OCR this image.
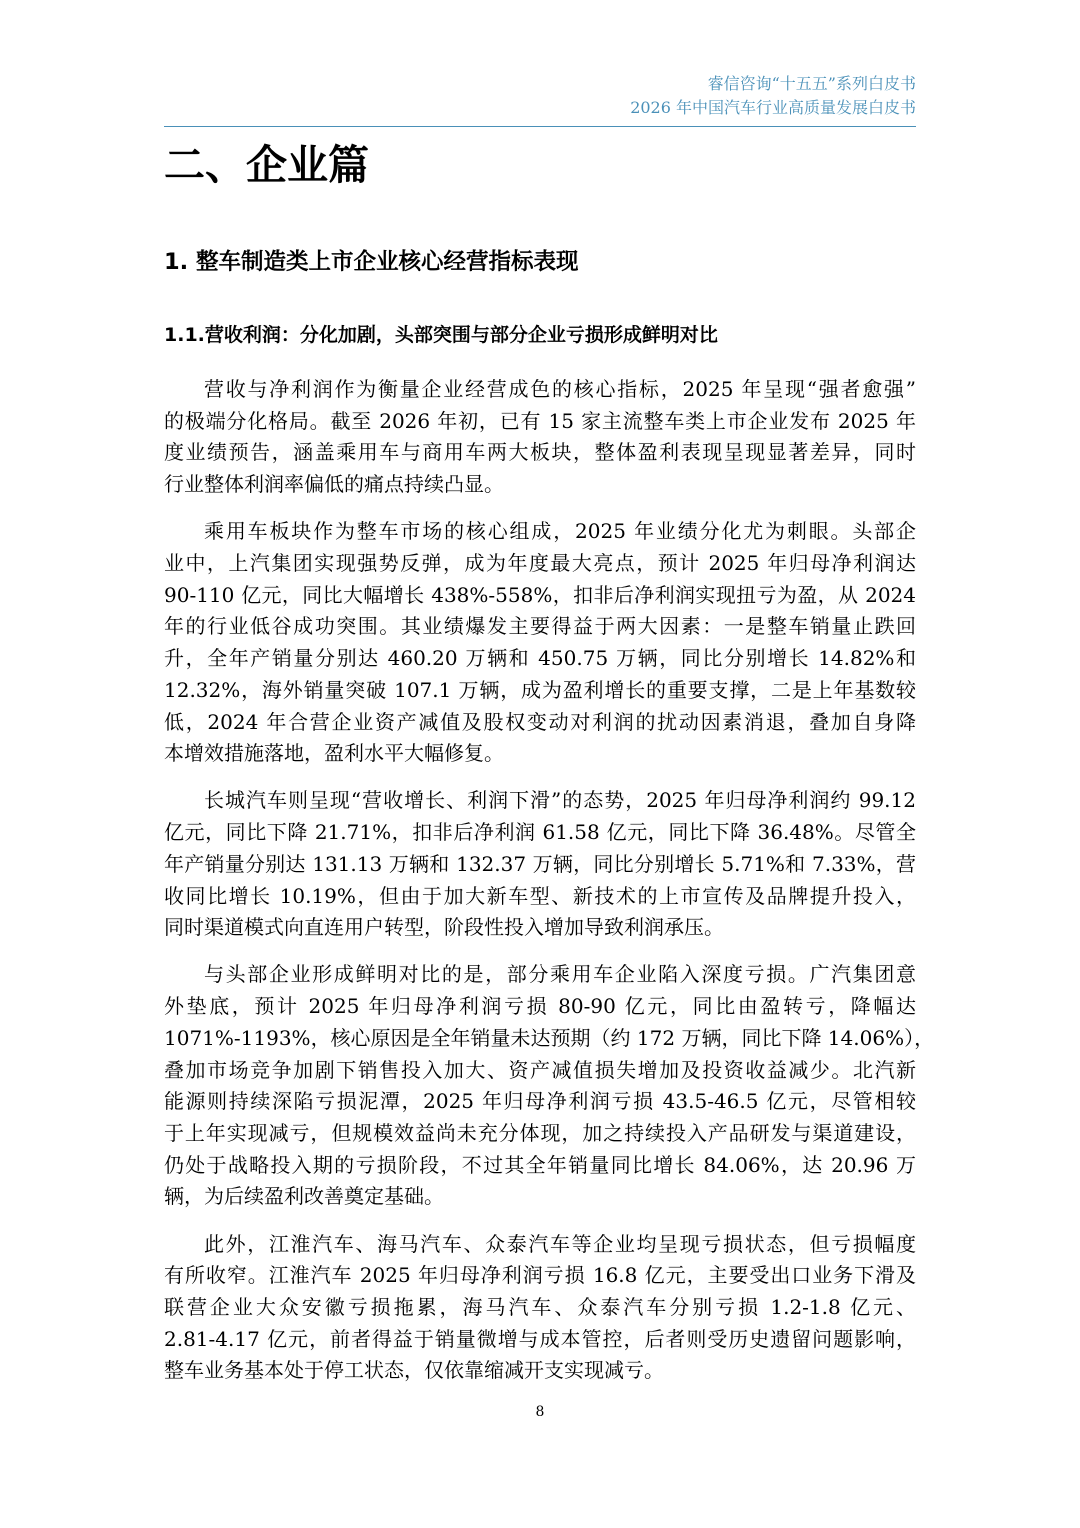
睿信咨询“十五五”系列白皮书
2026 年中国汽车行业高质量发展白皮书
二、企业篇
1. 整车制造类上市企业核心经营指标表现
1.1.营收利润：分化加剧，头部突围与部分企业亏损形成鲜明对比

营收与净利润作为衡量企业经营成色的核心指标，2025 年呈现“强者愈强”
的极端分化格局。截至 2026 年初，已有 15 家主流整车类上市企业发布 2025 年
度业绩预告，涵盖乘用车与商用车两大板块，整体盈利表现呈现显著差异，同时
行业整体利润率偏低的痛点持续凸显。

乘用车板块作为整车市场的核心组成，2025 年业绩分化尤为刺眼。头部企
业中，上汽集团实现强势反弹，成为年度最大亮点，预计 2025 年归母净利润达
90-110 亿元，同比大幅增长 438%-558%，扣非后净利润实现扭亏为盈，从 2024
年的行业低谷成功突围。其业绩爆发主要得益于两大因素：一是整车销量止跌回
升，全年产销量分别达 460.20 万辆和 450.75 万辆，同比分别增长 14.82%和
12.32%，海外销量突破 107.1 万辆，成为盈利增长的重要支撑，二是上年基数较
低，2024 年合营企业资产减值及股权变动对利润的扰动因素消退，叠加自身降
本增效措施落地，盈利水平大幅修复。

长城汽车则呈现“营收增长、利润下滑”的态势，2025 年归母净利润约 99.12
亿元，同比下降 21.71%，扣非后净利润 61.58 亿元，同比下降 36.48%。尽管全
年产销量分别达 131.13 万辆和 132.37 万辆，同比分别增长 5.71%和 7.33%，营
收同比增长 10.19%，但由于加大新车型、新技术的上市宣传及品牌提升投入，
同时渠道模式向直连用户转型，阶段性投入增加导致利润承压。

与头部企业形成鲜明对比的是，部分乘用车企业陷入深度亏损。广汽集团意
外垫底，预计 2025 年归母净利润亏损 80-90 亿元，同比由盈转亏，降幅达
1071%-1193%，核心原因是全年销量未达预期（约 172 万辆，同比下降 14.06%），
叠加市场竞争加剧下销售投入加大、资产减值损失增加及投资收益减少。北汽新
能源则持续深陷亏损泥潭，2025 年归母净利润亏损 43.5-46.5 亿元，尽管相较
于上年实现减亏，但规模效益尚未充分体现，加之持续投入产品研发与渠道建设，
仍处于战略投入期的亏损阶段，不过其全年销量同比增长 84.06%，达 20.96 万
辆，为后续盈利改善奠定基础。

此外，江淮汽车、海马汽车、众泰汽车等企业均呈现亏损状态，但亏损幅度
有所收窄。江淮汽车 2025 年归母净利润亏损 16.8 亿元，主要受出口业务下滑及
联营企业大众安徽亏损拖累，海马汽车、众泰汽车分别亏损 1.2-1.8 亿元、
2.81-4.17 亿元，前者得益于销量微增与成本管控，后者则受历史遗留问题影响，
整车业务基本处于停工状态，仅依靠缩减开支实现减亏。

8
